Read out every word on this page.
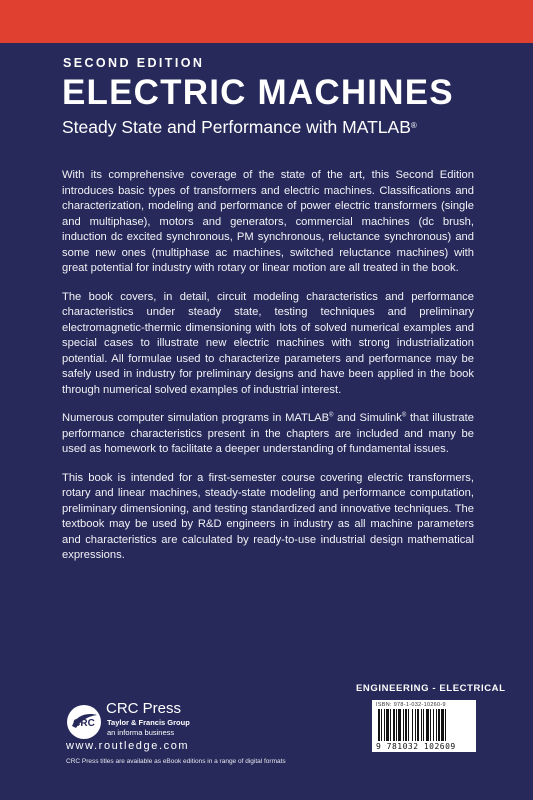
SECOND EDITION
ELECTRIC MACHINES
Steady State and Performance with MATLAB®

With its comprehensive coverage of the state of the art, this Second Edition introduces basic types of transformers and electric machines. Classifications and characterization, modeling and performance of power electric transformers (single and multiphase), motors and generators, commercial machines (dc brush, induction dc excited synchronous, PM synchronous, reluctance synchronous) and some new ones (multiphase ac machines, switched reluctance machines) with great potential for industry with rotary or linear motion are all treated in the book.

The book covers, in detail, circuit modeling characteristics and performance characteristics under steady state, testing techniques and preliminary electromagnetic-thermic dimensioning with lots of solved numerical examples and special cases to illustrate new electric machines with strong industrialization potential. All formulae used to characterize parameters and performance may be safely used in industry for preliminary designs and have been applied in the book through numerical solved examples of industrial interest.

Numerous computer simulation programs in MATLAB® and Simulink® that illustrate performance characteristics present in the chapters are included and many be used as homework to facilitate a deeper understanding of fundamental issues.

This book is intended for a first-semester course covering electric transformers, rotary and linear machines, steady-state modeling and performance computation, preliminary dimensioning, and testing standardized and innovative techniques. The textbook may be used by R&D engineers in industry as all machine parameters and characteristics are calculated by ready-to-use industrial design mathematical expressions.

ENGINEERING - ELECTRICAL
ISBN: 978-1-032-10260-9
9 781032 102609
CRC
CRC Press
Taylor & Francis Group
an informa business
www.routledge.com
CRC Press titles are available as eBook editions in a range of digital formats
